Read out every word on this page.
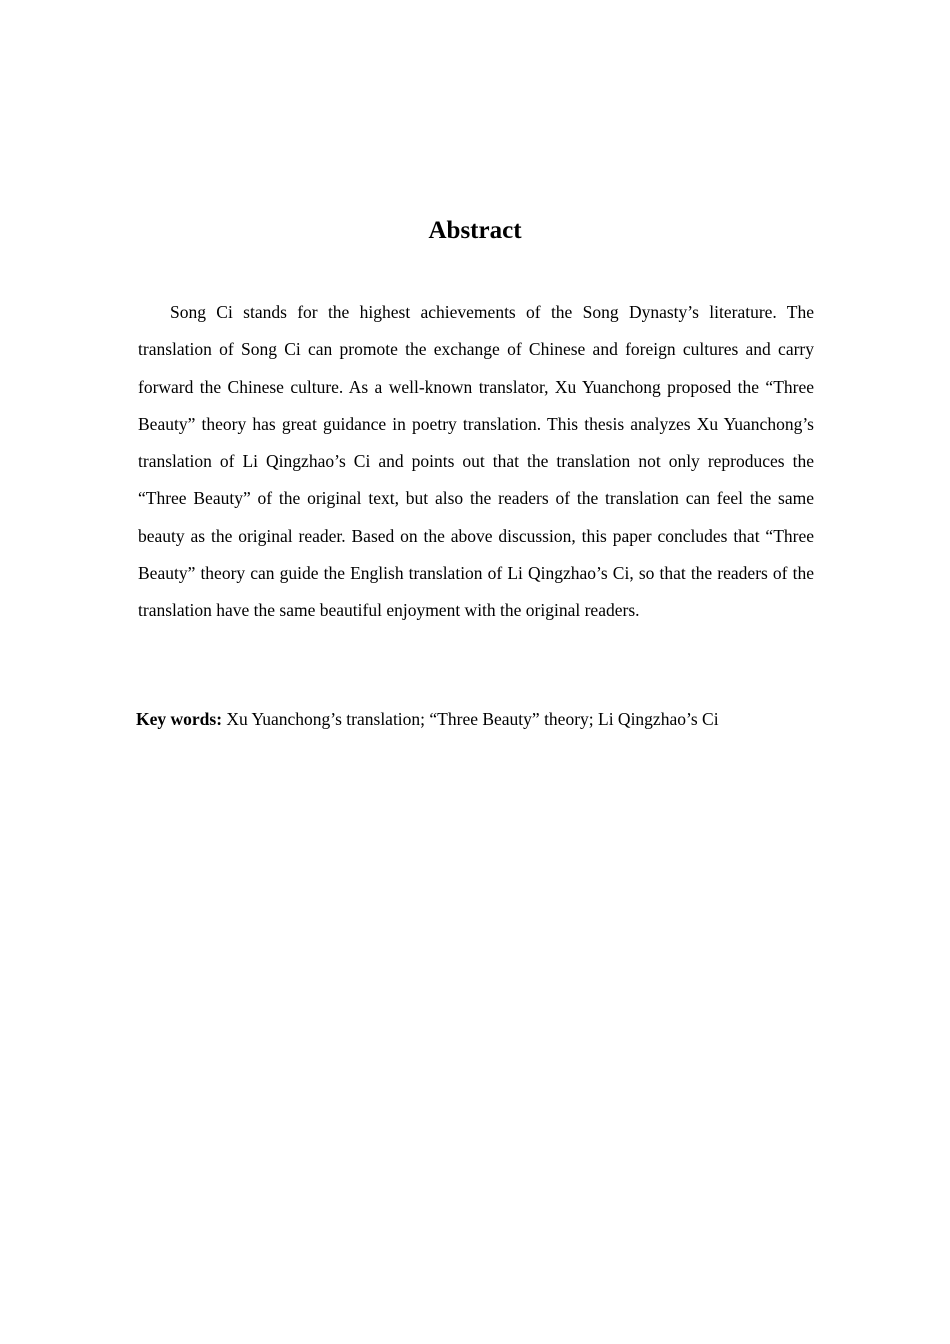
Abstract

Song Ci stands for the highest achievements of the Song Dynasty’s literature. The translation of Song Ci can promote the exchange of Chinese and foreign cultures and carry forward the Chinese culture. As a well-known translator, Xu Yuanchong proposed the “Three Beauty” theory has great guidance in poetry translation. This thesis analyzes Xu Yuanchong’s translation of Li Qingzhao’s Ci and points out that the translation not only reproduces the “Three Beauty” of the original text, but also the readers of the translation can feel the same beauty as the original reader. Based on the above discussion, this paper concludes that “Three Beauty” theory can guide the English translation of Li Qingzhao’s Ci, so that the readers of the translation have the same beautiful enjoyment with the original readers.

Key words: Xu Yuanchong’s translation; “Three Beauty” theory; Li Qingzhao’s Ci
